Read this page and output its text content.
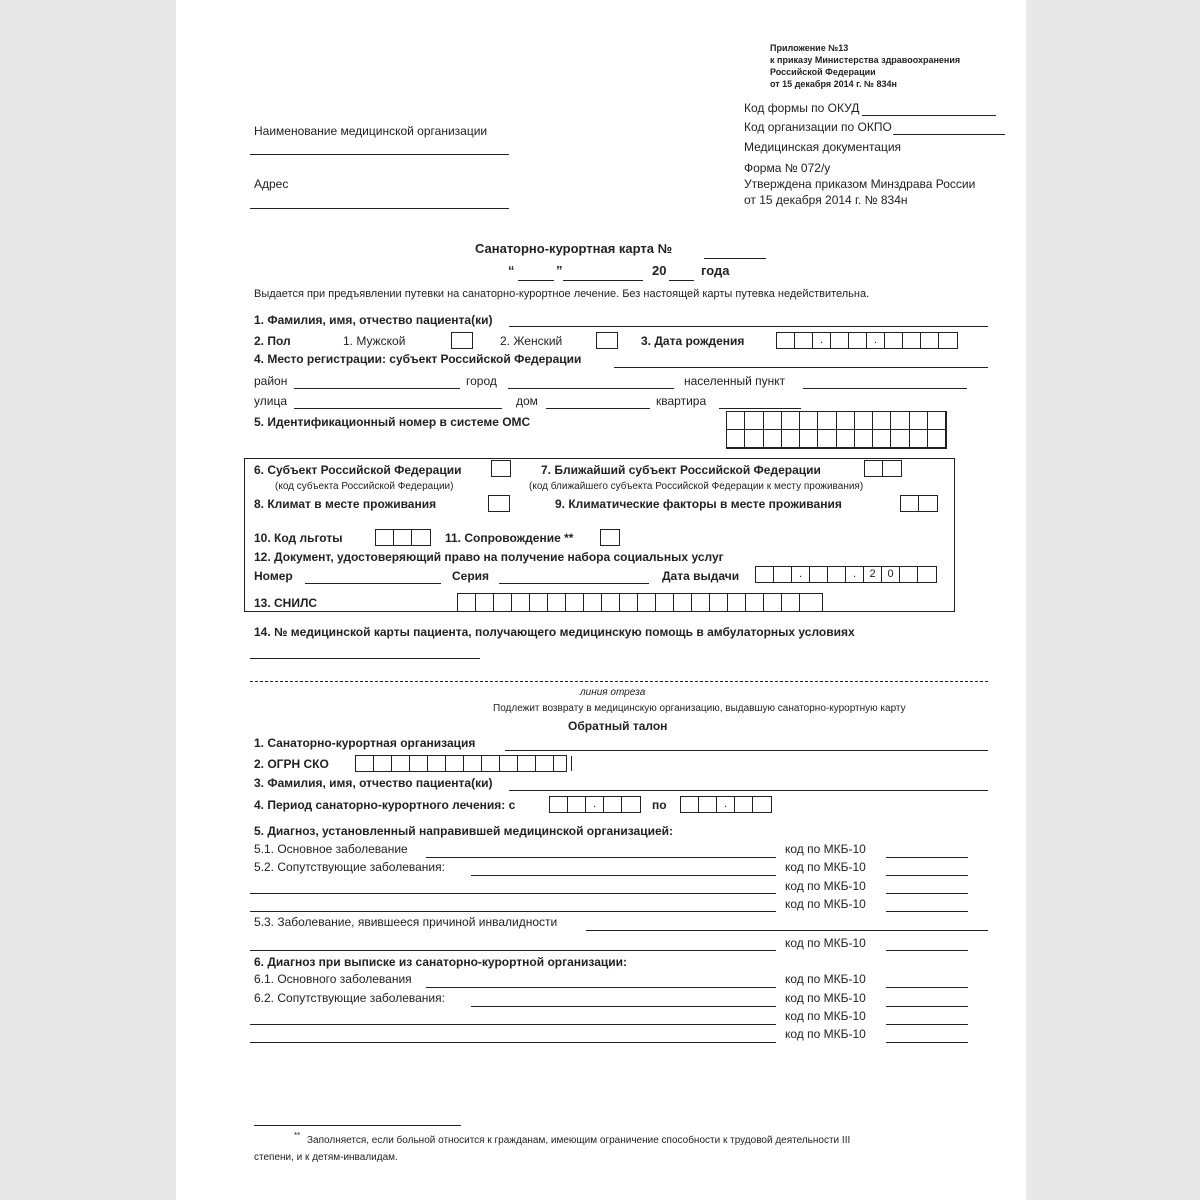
Приложение №13
к приказу Министерства здравоохранения
Российской Федерации
от 15 декабря 2014 г. № 834н
Код формы по ОКУД
Код организации по ОКПО
Медицинская документация
Форма № 072/у
Утверждена приказом Минздрава России
от 15 декабря 2014 г. № 834н
Наименование медицинской организации
Адрес
Санаторно-курортная карта №
“	”	20	года
Выдается при предъявлении путевки на санаторно-курортное лечение. Без настоящей карты путевка недействительна.
1. Фамилия, имя, отчество пациента(ки)
2. Пол	1. Мужской	2. Женский	3. Дата рождения	.	.
4. Место регистрации: субъект Российской Федерации
район	город	населенный пункт
улица	дом	квартира
5. Идентификационный номер в системе ОМС
6. Субъект Российской Федерации
(код субъекта Российской Федерации)
7. Ближайший субъект Российской Федерации
(код ближайшего субъекта Российской Федерации к месту проживания)
8. Климат в месте проживания	9. Климатические факторы в месте проживания
10. Код льготы	11. Сопровождение **
12. Документ, удостоверяющий право на получение набора социальных услуг
Номер	Серия	Дата выдачи	.	.	2	0
13. СНИЛС
14. № медицинской карты пациента, получающего медицинскую помощь в амбулаторных условиях
линия отреза
Подлежит возврату в медицинскую организацию, выдавшую санаторно-курортную карту
Обратный талон
1. Санаторно-курортная организация
2. ОГРН СКО
3. Фамилия, имя, отчество пациента(ки)
4. Период санаторно-курортного лечения: с	.	по	.
5. Диагноз, установленный направившей медицинской организацией:
5.1. Основное заболевание	код по МКБ-10
5.2. Сопутствующие заболевания:	код по МКБ-10
код по МКБ-10
код по МКБ-10
5.3. Заболевание, явившееся причиной инвалидности
код по МКБ-10
6. Диагноз при выписке из санаторно-курортной организации:
6.1. Основного заболевания	код по МКБ-10
6.2. Сопутствующие заболевания:	код по МКБ-10
код по МКБ-10
код по МКБ-10
** Заполняется, если больной относится к гражданам, имеющим ограничение способности к трудовой деятельности III
степени, и к детям-инвалидам.
